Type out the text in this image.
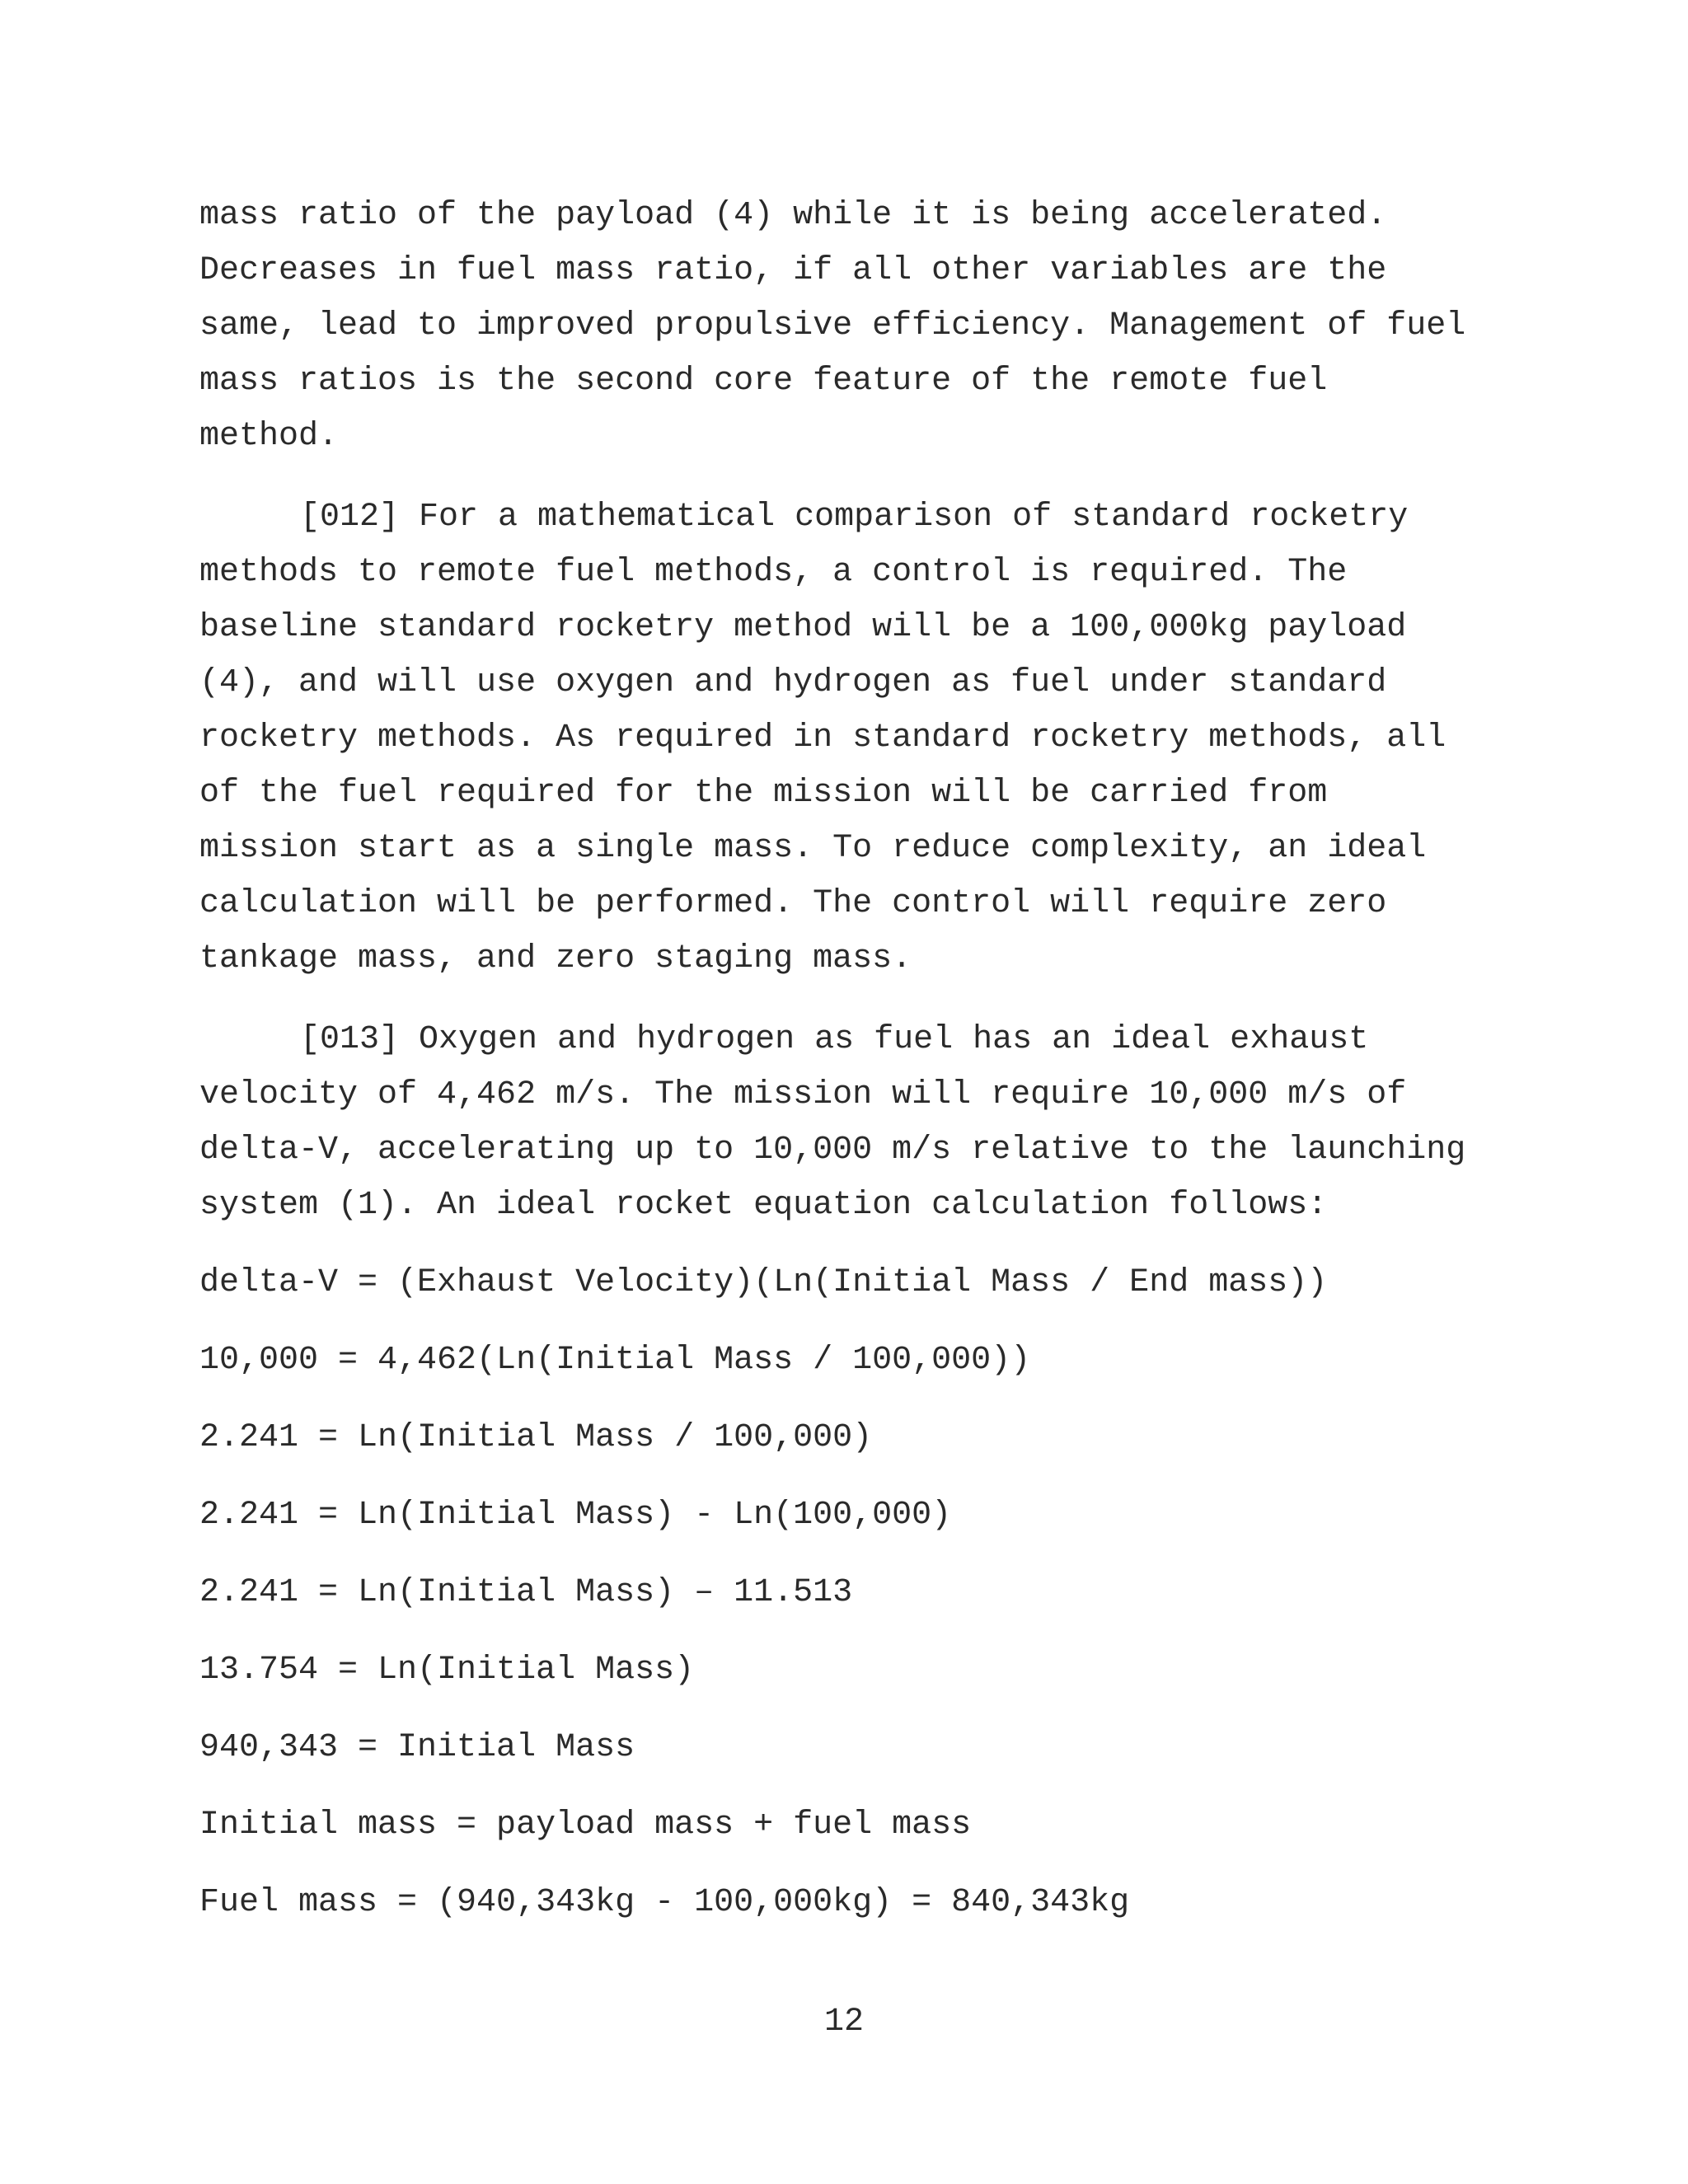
mass ratio of the payload (4) while it is being accelerated.

Decreases in fuel mass ratio, if all other variables are the

same, lead to improved propulsive efficiency. Management of fuel

mass ratios is the second core feature of the remote fuel

method.

[012] For a mathematical comparison of standard rocketry

methods to remote fuel methods, a control is required. The

baseline standard rocketry method will be a 100,000kg payload

(4), and will use oxygen and hydrogen as fuel under standard

rocketry methods. As required in standard rocketry methods, all

of the fuel required for the mission will be carried from

mission start as a single mass. To reduce complexity, an ideal

calculation will be performed. The control will require zero

tankage mass, and zero staging mass.

[013] Oxygen and hydrogen as fuel has an ideal exhaust

velocity of 4,462 m/s. The mission will require 10,000 m/s of

delta-V, accelerating up to 10,000 m/s relative to the launching

system (1). An ideal rocket equation calculation follows:

delta-V = (Exhaust Velocity)(Ln(Initial Mass / End mass))

10,000 = 4,462(Ln(Initial Mass / 100,000))

2.241 = Ln(Initial Mass / 100,000)

2.241 = Ln(Initial Mass) - Ln(100,000)

2.241 = Ln(Initial Mass) – 11.513

13.754 = Ln(Initial Mass)

940,343 = Initial Mass

Initial mass = payload mass + fuel mass

Fuel mass = (940,343kg - 100,000kg) = 840,343kg

12
